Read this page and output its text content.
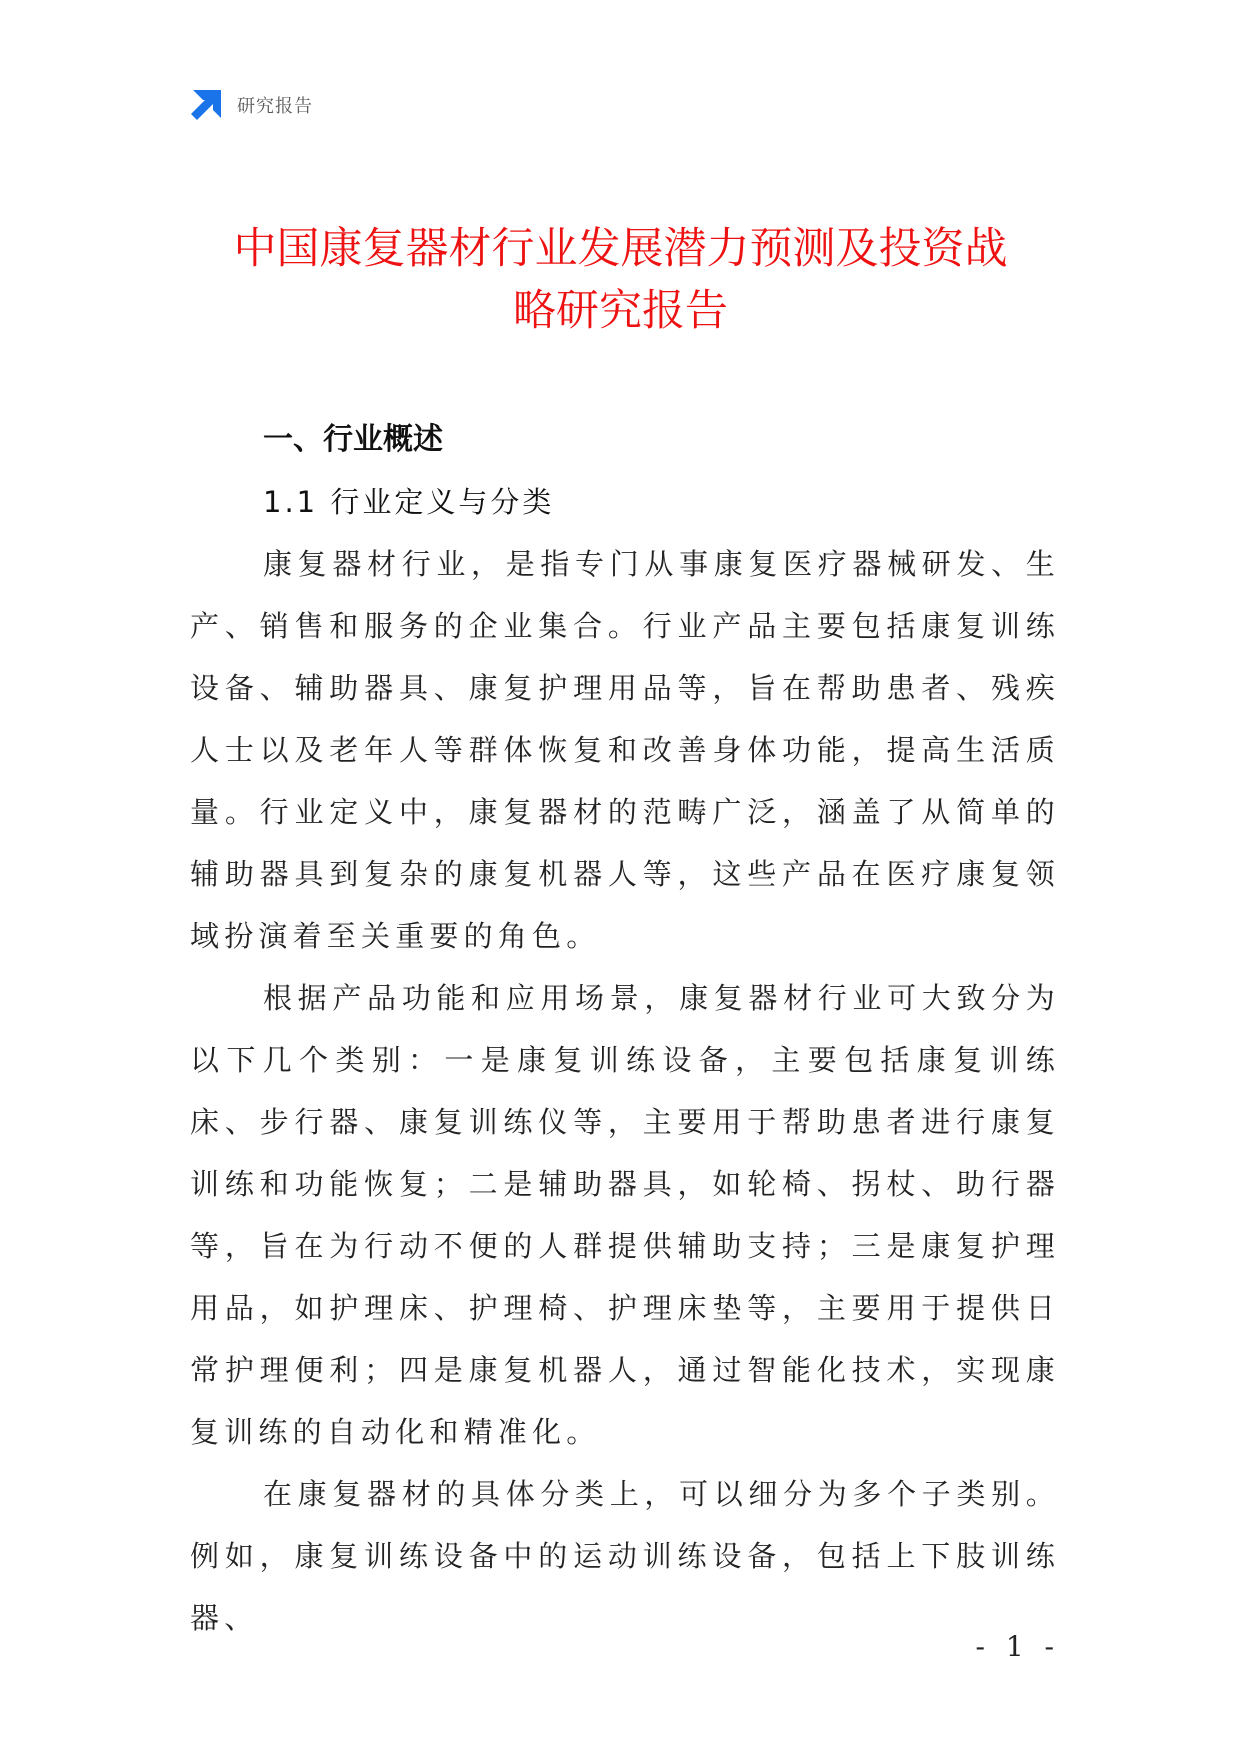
研究报告
中国康复器材行业发展潜力预测及投资战
略研究报告
一、行业概述
1.1 行业定义与分类

康复器材行业，是指专门从事康复医疗器械研发、生产、销售和服务的企业集合。行业产品主要包括康复训练设备、辅助器具、康复护理用品等，旨在帮助患者、残疾人士以及老年人等群体恢复和改善身体功能，提高生活质量。行业定义中，康复器材的范畴广泛，涵盖了从简单的辅助器具到复杂的康复机器人等，这些产品在医疗康复领域扮演着至关重要的角色。

根据产品功能和应用场景，康复器材行业可大致分为以下几个类别：一是康复训练设备，主要包括康复训练床、步行器、康复训练仪等，主要用于帮助患者进行康复训练和功能恢复；二是辅助器具，如轮椅、拐杖、助行器等，旨在为行动不便的人群提供辅助支持；三是康复护理用品，如护理床、护理椅、护理床垫等，主要用于提供日常护理便利；四是康复机器人，通过智能化技术，实现康复训练的自动化和精准化。

在康复器材的具体分类上，可以细分为多个子类别。例如，康复训练设备中的运动训练设备，包括上下肢训练器、

- 1 -
